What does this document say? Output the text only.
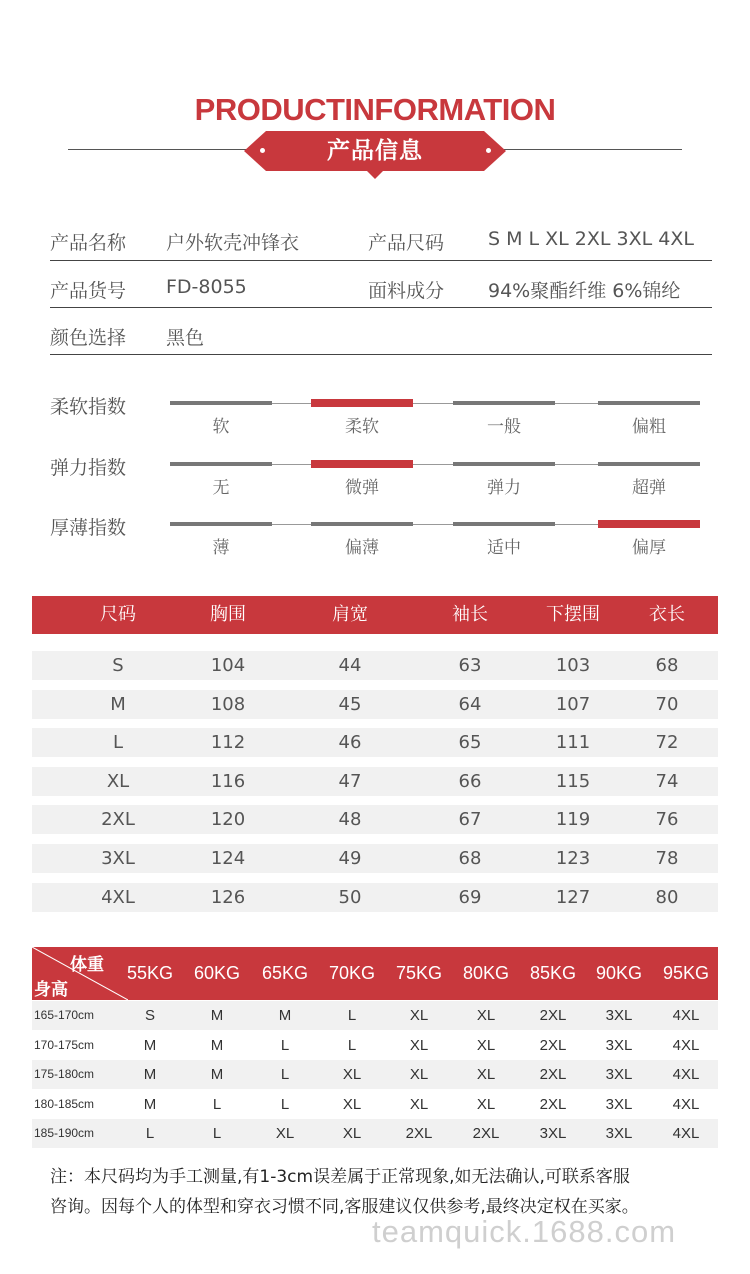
PRODUCTINFORMATION
产品信息
产品名称 户外软壳冲锋衣	产品尺码 S M L XL 2XL 3XL 4XL
产品货号 FD-8055	面料成分 94%聚酯纤维 6%锦纶
颜色选择 黑色
柔软指数
软	柔软	一般	偏粗
弹力指数
无	微弹	弹力	超弹
厚薄指数
薄	偏薄	适中	偏厚
尺码	胸围	肩宽	袖长	下摆围	衣长
S	104	44	63	103	68
M	108	45	64	107	70
L	112	46	65	111	72
XL	116	47	66	115	74
2XL	120	48	67	119	76
3XL	124	49	68	123	78
4XL	126	50	69	127	80
体重
身高
55KG	60KG	65KG	70KG	75KG	80KG	85KG	90KG	95KG
165-170cm	S	M	M	L	XL	XL	2XL	3XL	4XL
170-175cm	M	M	L	L	XL	XL	2XL	3XL	4XL
175-180cm	M	M	L	XL	XL	XL	2XL	3XL	4XL
180-185cm	M	L	L	XL	XL	XL	2XL	3XL	4XL
185-190cm	L	L	XL	XL	2XL	2XL	3XL	3XL	4XL
注：本尺码均为手工测量,有1-3cm误差属于正常现象,如无法确认,可联系客服
咨询。因每个人的体型和穿衣习惯不同,客服建议仅供参考,最终决定权在买家。
teamquick.1688.com
